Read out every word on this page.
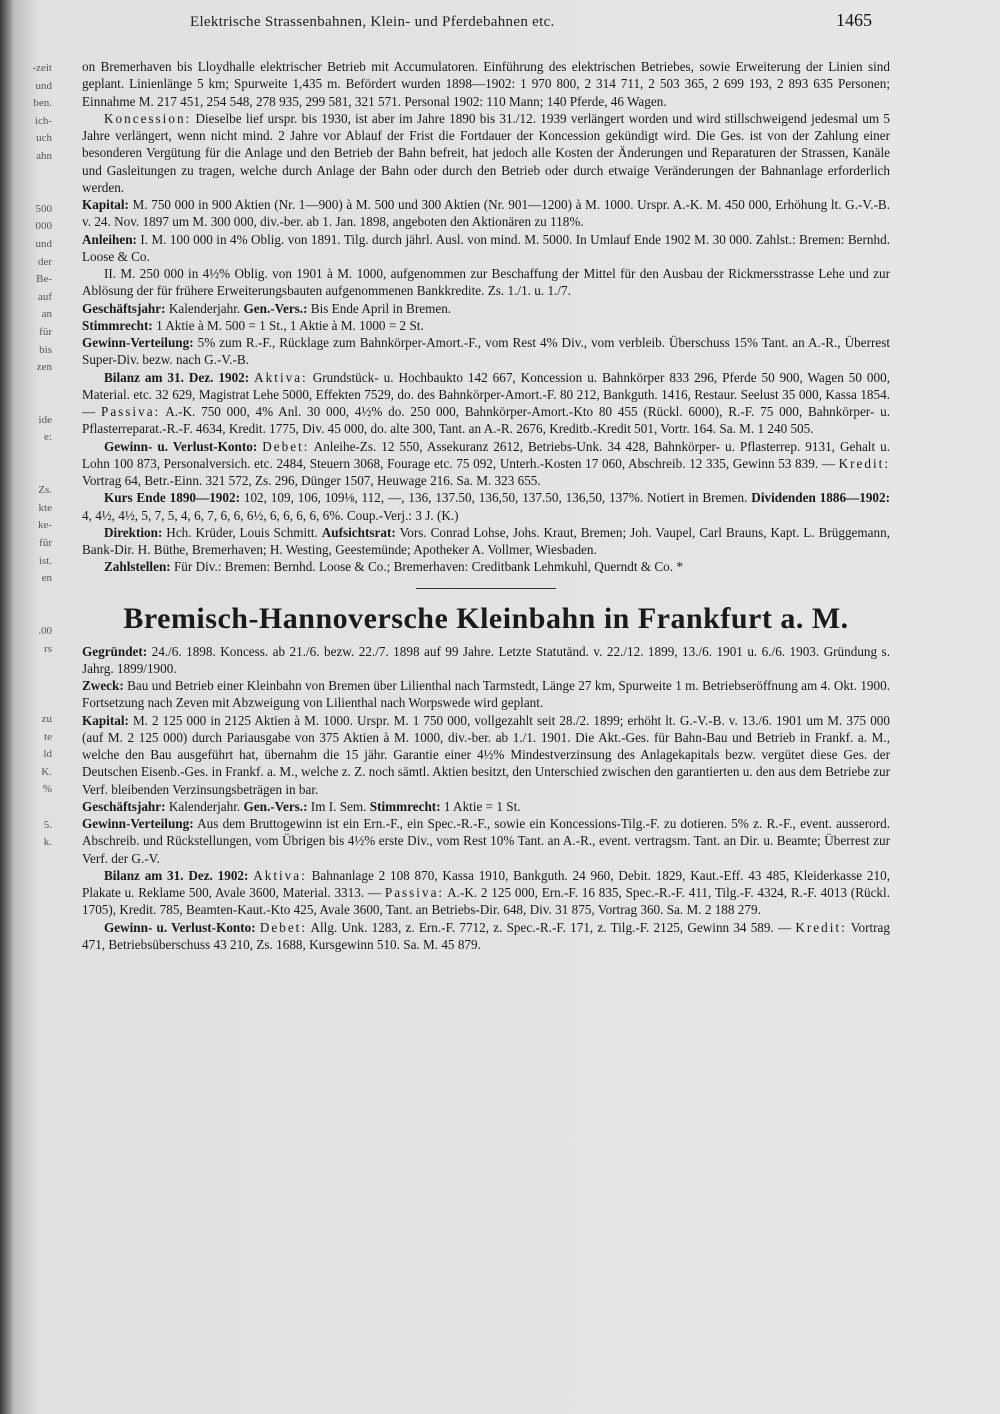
-zeit
und
ben.
ich-
uch
ahn

500
000
und
der
Be-
auf
an
für
bis
zen

ide
e:

Zs.
kte
ke-
für
ist.
en

.00
rs

zu
te
ld
K.
%

5.
k.
Elektrische Strassenbahnen, Klein- und Pferdebahnen etc.	1465

on Bremerhaven bis Lloydhalle elektrischer Betrieb mit Accumulatoren. Einführung des elektrischen Betriebes, sowie Erweiterung der Linien sind geplant. Linienlänge 5 km; Spurweite 1,435 m. Befördert wurden 1898—1902: 1 970 800, 2 314 711, 2 503 365, 2 699 193, 2 893 635 Personen; Einnahme M. 217 451, 254 548, 278 935, 299 581, 321 571. Personal 1902: 110 Mann; 140 Pferde, 46 Wagen.

Koncession: Dieselbe lief urspr. bis 1930, ist aber im Jahre 1890 bis 31./12. 1939 verlängert worden und wird stillschweigend jedesmal um 5 Jahre verlängert, wenn nicht mind. 2 Jahre vor Ablauf der Frist die Fortdauer der Koncession gekündigt wird. Die Ges. ist von der Zahlung einer besonderen Vergütung für die Anlage und den Betrieb der Bahn befreit, hat jedoch alle Kosten der Änderungen und Reparaturen der Strassen, Kanäle und Gasleitungen zu tragen, welche durch Anlage der Bahn oder durch den Betrieb oder durch etwaige Veränderungen der Bahnanlage erforderlich werden.

Kapital: M. 750 000 in 900 Aktien (Nr. 1—900) à M. 500 und 300 Aktien (Nr. 901—1200) à M. 1000. Urspr. A.-K. M. 450 000, Erhöhung lt. G.-V.-B. v. 24. Nov. 1897 um M. 300 000, div.-ber. ab 1. Jan. 1898, angeboten den Aktionären zu 118%.

Anleihen: I. M. 100 000 in 4% Oblig. von 1891. Tilg. durch jährl. Ausl. von mind. M. 5000. In Umlauf Ende 1902 M. 30 000. Zahlst.: Bremen: Bernhd. Loose & Co.

II. M. 250 000 in 4½% Oblig. von 1901 à M. 1000, aufgenommen zur Beschaffung der Mittel für den Ausbau der Rickmersstrasse Lehe und zur Ablösung der für frühere Erweiterungsbauten aufgenommenen Bankkredite. Zs. 1./1. u. 1./7.

Geschäftsjahr: Kalenderjahr. Gen.-Vers.: Bis Ende April in Bremen.

Stimmrecht: 1 Aktie à M. 500 = 1 St., 1 Aktie à M. 1000 = 2 St.

Gewinn-Verteilung: 5% zum R.-F., Rücklage zum Bahnkörper-Amort.-F., vom Rest 4% Div., vom verbleib. Überschuss 15% Tant. an A.-R., Überrest Super-Div. bezw. nach G.-V.-B.

Bilanz am 31. Dez. 1902: Aktiva: Grundstück- u. Hochbaukto 142 667, Koncession u. Bahnkörper 833 296, Pferde 50 900, Wagen 50 000, Material. etc. 32 629, Magistrat Lehe 5000, Effekten 7529, do. des Bahnkörper-Amort.-F. 80 212, Bankguth. 1416, Restaur. Seelust 35 000, Kassa 1854. — Passiva: A.-K. 750 000, 4% Anl. 30 000, 4½% do. 250 000, Bahnkörper-Amort.-Kto 80 455 (Rückl. 6000), R.-F. 75 000, Bahnkörper- u. Pflasterreparat.-R.-F. 4634, Kredit. 1775, Div. 45 000, do. alte 300, Tant. an A.-R. 2676, Kreditb.-Kredit 501, Vortr. 164. Sa. M. 1 240 505.

Gewinn- u. Verlust-Konto: Debet: Anleihe-Zs. 12 550, Assekuranz 2612, Betriebs-Unk. 34 428, Bahnkörper- u. Pflasterrep. 9131, Gehalt u. Lohn 100 873, Personalversich. etc. 2484, Steuern 3068, Fourage etc. 75 092, Unterh.-Kosten 17 060, Abschreib. 12 335, Gewinn 53 839. — Kredit: Vortrag 64, Betr.-Einn. 321 572, Zs. 296, Dünger 1507, Heuwage 216. Sa. M. 323 655.

Kurs Ende 1890—1902: 102, 109, 106, 109⅛, 112, —, 136, 137.50, 136,50, 137.50, 136,50, 137%. Notiert in Bremen. Dividenden 1886—1902: 4, 4½, 4½, 5, 7, 5, 4, 6, 7, 6, 6, 6½, 6, 6, 6, 6, 6%. Coup.-Verj.: 3 J. (K.)

Direktion: Hch. Krüder, Louis Schmitt. Aufsichtsrat: Vors. Conrad Lohse, Johs. Kraut, Bremen; Joh. Vaupel, Carl Brauns, Kapt. L. Brüggemann, Bank-Dir. H. Büthe, Bremerhaven; H. Westing, Geestemünde; Apotheker A. Vollmer, Wiesbaden.

Zahlstellen: Für Div.: Bremen: Bernhd. Loose & Co.; Bremerhaven: Creditbank Lehmkuhl, Querndt & Co. *

Bremisch-Hannoversche Kleinbahn in Frankfurt a. M.

Gegründet: 24./6. 1898. Koncess. ab 21./6. bezw. 22./7. 1898 auf 99 Jahre. Letzte Statutänd. v. 22./12. 1899, 13./6. 1901 u. 6./6. 1903. Gründung s. Jahrg. 1899/1900.

Zweck: Bau und Betrieb einer Kleinbahn von Bremen über Lilienthal nach Tarmstedt, Länge 27 km, Spurweite 1 m. Betriebseröffnung am 4. Okt. 1900. Fortsetzung nach Zeven mit Abzweigung von Lilienthal nach Worpswede wird geplant.

Kapital: M. 2 125 000 in 2125 Aktien à M. 1000. Urspr. M. 1 750 000, vollgezahlt seit 28./2. 1899; erhöht lt. G.-V.-B. v. 13./6. 1901 um M. 375 000 (auf M. 2 125 000) durch Pariausgabe von 375 Aktien à M. 1000, div.-ber. ab 1./1. 1901. Die Akt.-Ges. für Bahn-Bau und Betrieb in Frankf. a. M., welche den Bau ausgeführt hat, übernahm die 15 jähr. Garantie einer 4½% Mindestverzinsung des Anlagekapitals bezw. vergütet diese Ges. der Deutschen Eisenb.-Ges. in Frankf. a. M., welche z. Z. noch sämtl. Aktien besitzt, den Unterschied zwischen den garantierten u. den aus dem Betriebe zur Verf. bleibenden Verzinsungsbeträgen in bar.

Geschäftsjahr: Kalenderjahr. Gen.-Vers.: Im I. Sem. Stimmrecht: 1 Aktie = 1 St.

Gewinn-Verteilung: Aus dem Bruttogewinn ist ein Ern.-F., ein Spec.-R.-F., sowie ein Koncessions-Tilg.-F. zu dotieren. 5% z. R.-F., event. ausserord. Abschreib. und Rückstellungen, vom Übrigen bis 4½% erste Div., vom Rest 10% Tant. an A.-R., event. vertragsm. Tant. an Dir. u. Beamte; Überrest zur Verf. der G.-V.

Bilanz am 31. Dez. 1902: Aktiva: Bahnanlage 2 108 870, Kassa 1910, Bankguth. 24 960, Debit. 1829, Kaut.-Eff. 43 485, Kleiderkasse 210, Plakate u. Reklame 500, Avale 3600, Material. 3313. — Passiva: A.-K. 2 125 000, Ern.-F. 16 835, Spec.-R.-F. 411, Tilg.-F. 4324, R.-F. 4013 (Rückl. 1705), Kredit. 785, Beamten-Kaut.-Kto 425, Avale 3600, Tant. an Betriebs-Dir. 648, Div. 31 875, Vortrag 360. Sa. M. 2 188 279.

Gewinn- u. Verlust-Konto: Debet: Allg. Unk. 1283, z. Ern.-F. 7712, z. Spec.-R.-F. 171, z. Tilg.-F. 2125, Gewinn 34 589. — Kredit: Vortrag 471, Betriebsüberschuss 43 210, Zs. 1688, Kursgewinn 510. Sa. M. 45 879.
